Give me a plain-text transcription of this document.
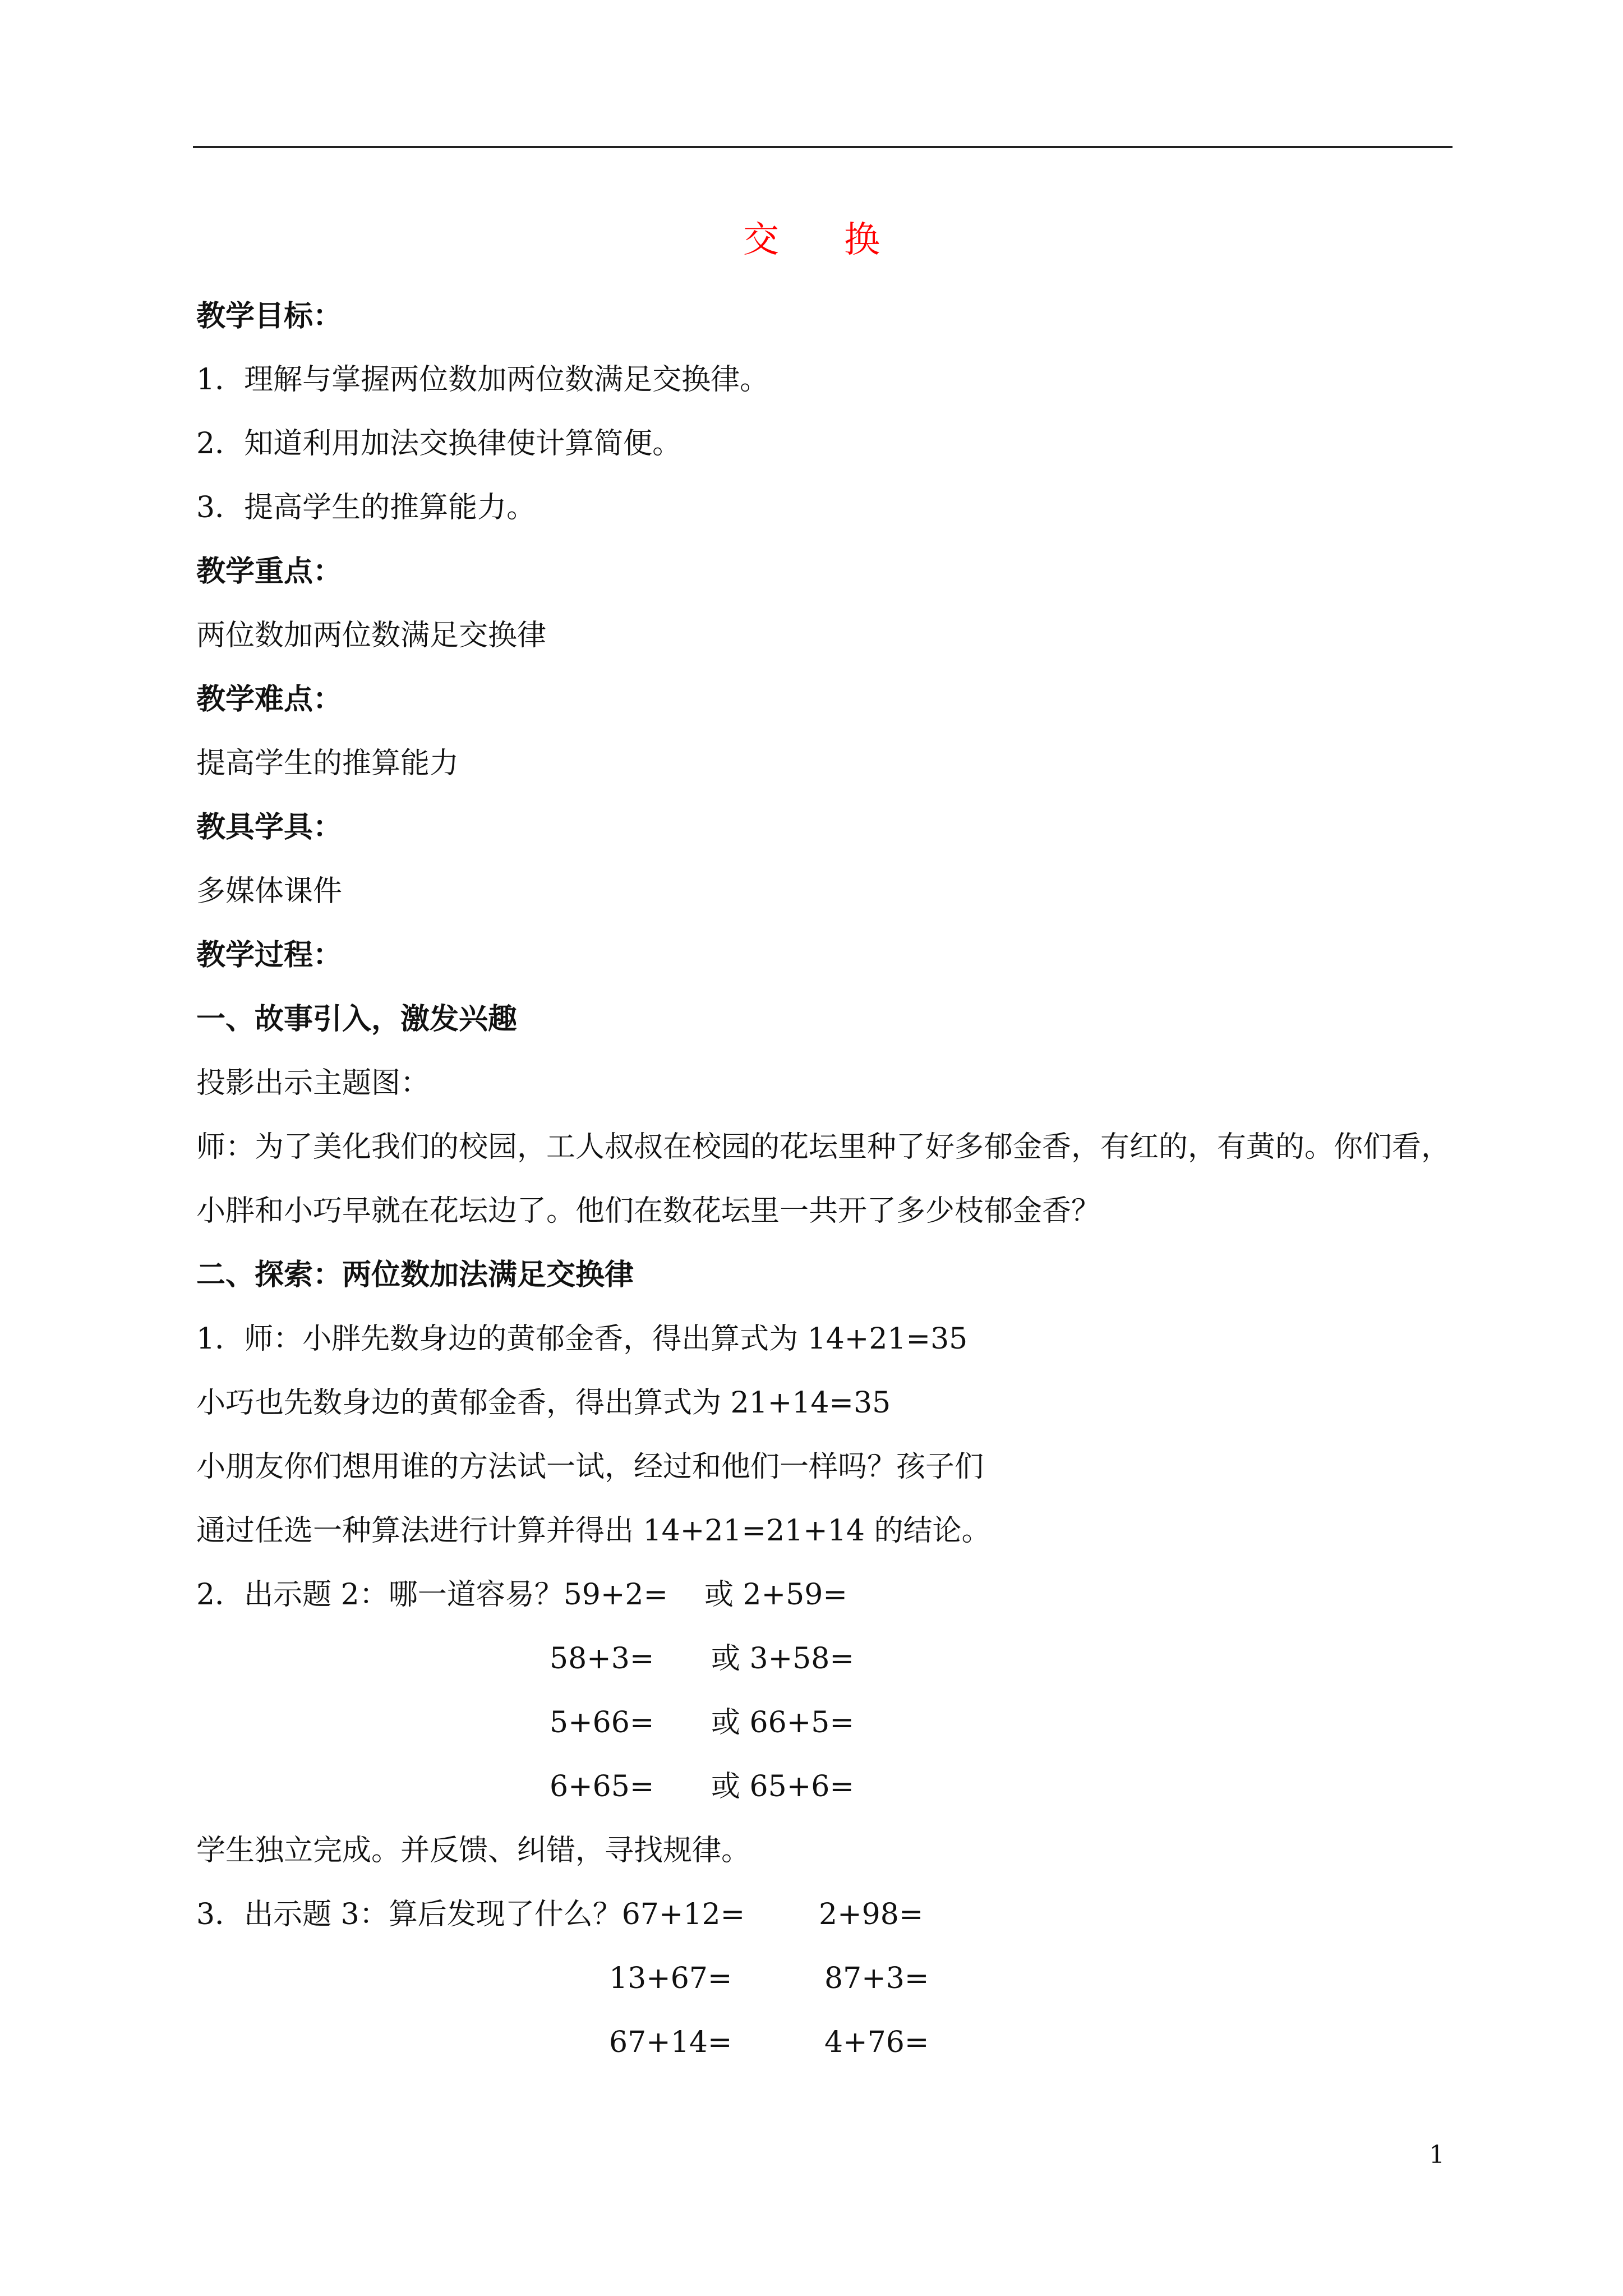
交 换
教学目标：
1．理解与掌握两位数加两位数满足交换律。
2．知道利用加法交换律使计算简便。
3．提高学生的推算能力。
教学重点：
两位数加两位数满足交换律
教学难点：
提高学生的推算能力
教具学具：
多媒体课件
教学过程：
一、故事引入，激发兴趣
投影出示主题图：
师：为了美化我们的校园，工人叔叔在校园的花坛里种了好多郁金香，有红的，有黄的。你们看，
小胖和小巧早就在花坛边了。他们在数花坛里一共开了多少枝郁金香？
二、探索：两位数加法满足交换律
1．师：小胖先数身边的黄郁金香，得出算式为 14+21=35
小巧也先数身边的黄郁金香，得出算式为 21+14=35
小朋友你们想用谁的方法试一试，经过和他们一样吗？孩子们
通过任选一种算法进行计算并得出 14+21=21+14 的结论。
2．出示题 2：哪一道容易？59+2= 或 2+59=
58+3= 或 3+58=
5+66= 或 66+5=
6+65= 或 65+6=
学生独立完成。并反馈、纠错，寻找规律。
3．出示题 3：算后发现了什么？67+12=	2+98=
13+67=	87+3=
67+14=	4+76=
1
